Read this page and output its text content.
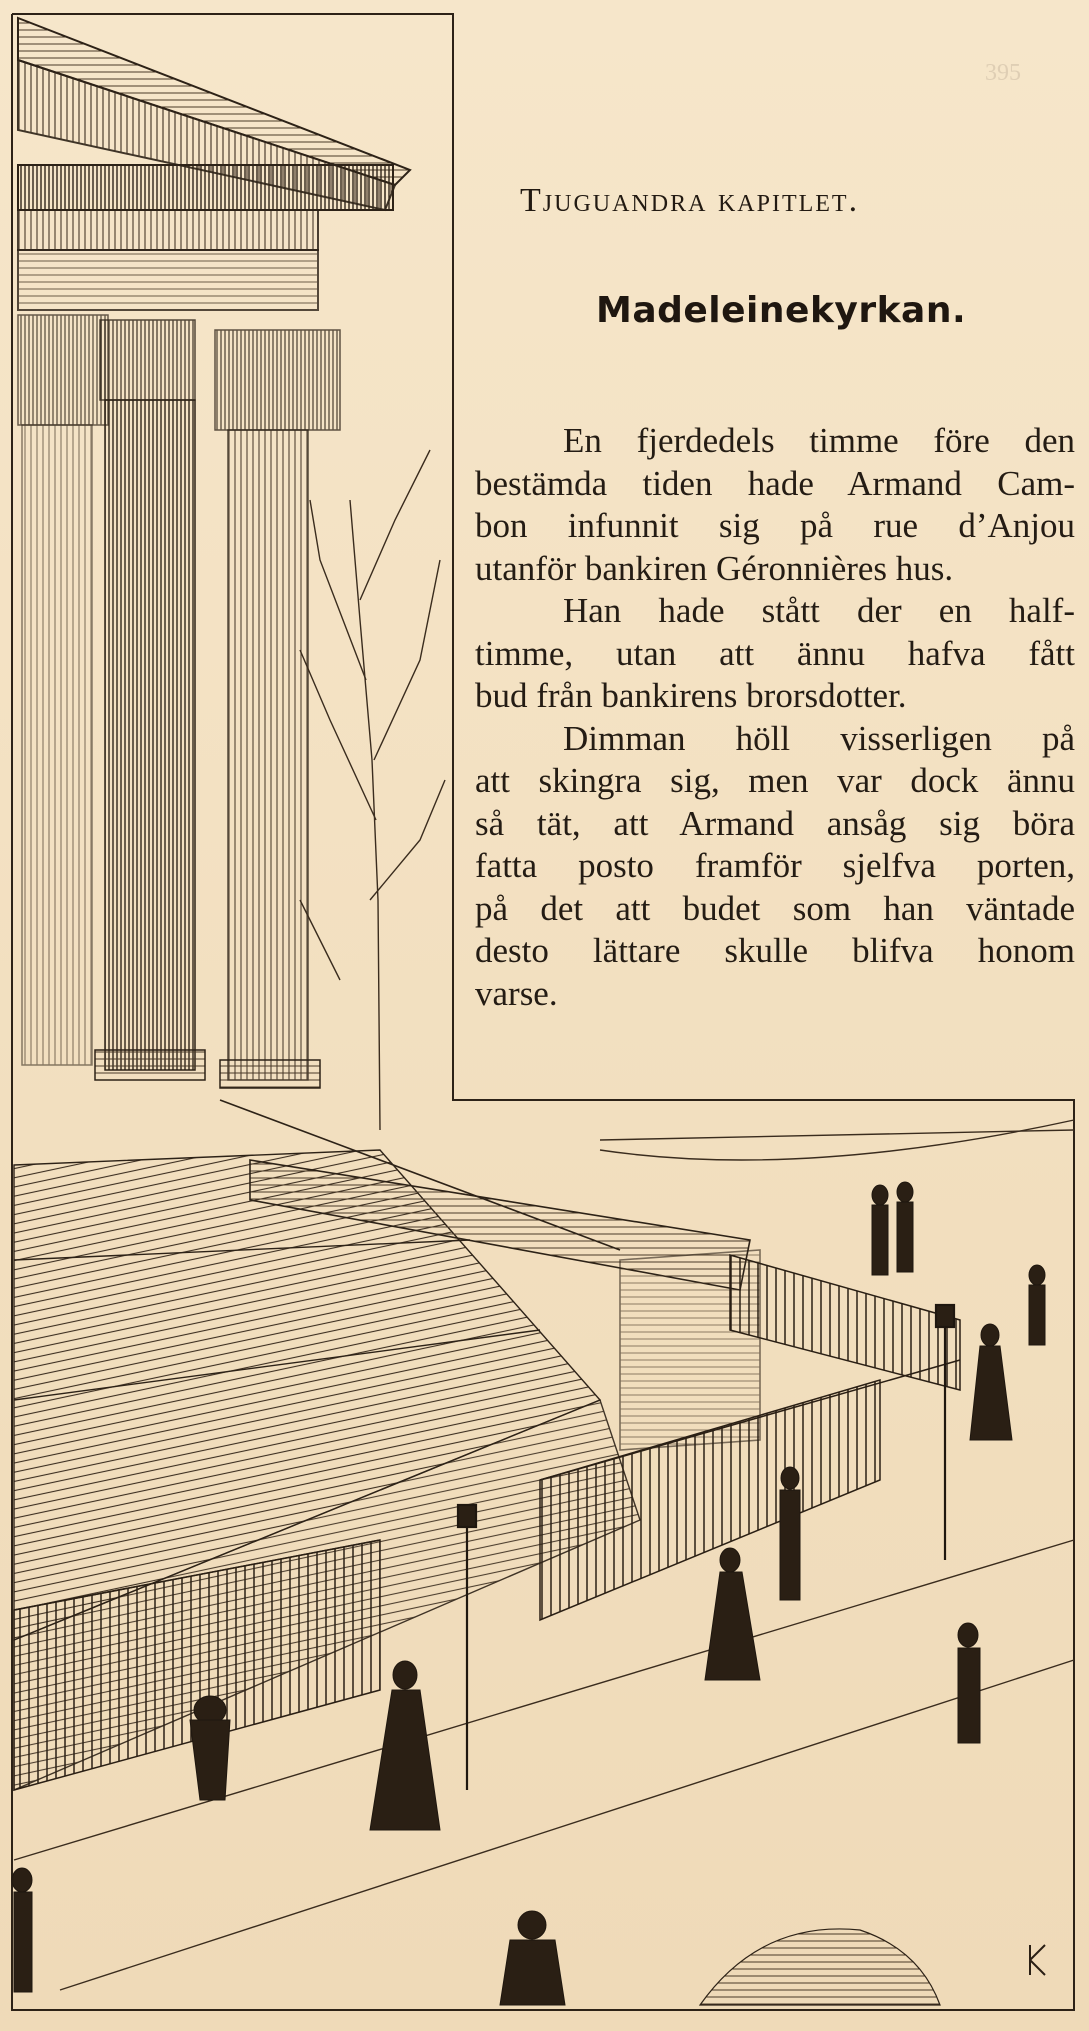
395
Tjuguandra kapitlet.
Madeleinekyrkan.
En fjerdedels timme före den
bestämda tiden hade Armand Cam-
bon infunnit sig på rue d’Anjou
utanför bankiren Géronnières hus.
Han hade stått der en half-
timme, utan att ännu hafva fått
bud från bankirens brorsdotter.
Dimman höll visserligen på
att skingra sig, men var dock ännu
så tät, att Armand ansåg sig böra
fatta posto framför sjelfva porten,
på det att budet som han väntade
desto lättare skulle blifva honom
varse.
